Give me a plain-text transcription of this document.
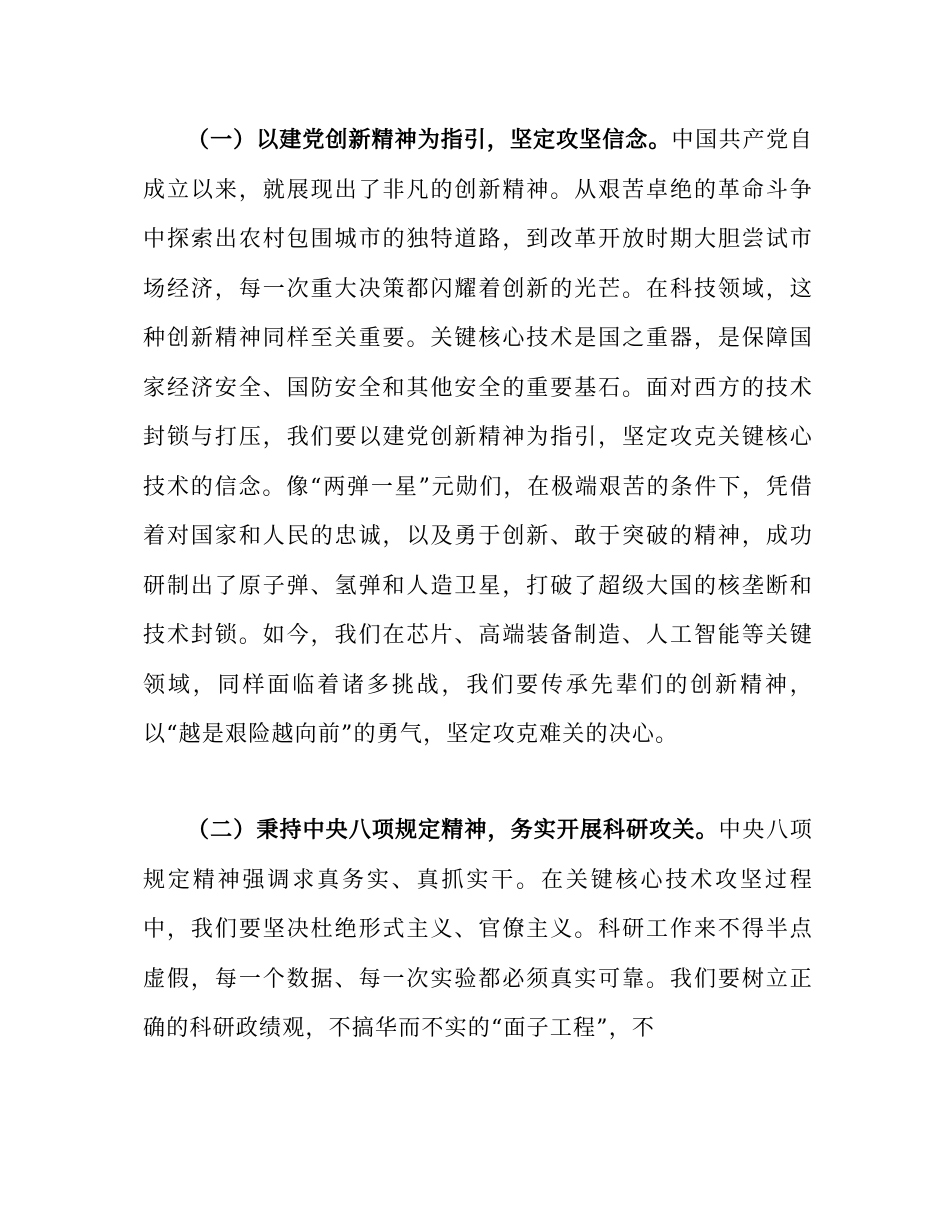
（一）以建党创新精神为指引，坚定攻坚信念。中国共产党自成立以来，就展现出了非凡的创新精神。从艰苦卓绝的革命斗争中探索出农村包围城市的独特道路，到改革开放时期大胆尝试市场经济，每一次重大决策都闪耀着创新的光芒。在科技领域，这种创新精神同样至关重要。关键核心技术是国之重器，是保障国家经济安全、国防安全和其他安全的重要基石。面对西方的技术封锁与打压，我们要以建党创新精神为指引，坚定攻克关键核心技术的信念。像“两弹一星”元勋们，在极端艰苦的条件下，凭借着对国家和人民的忠诚，以及勇于创新、敢于突破的精神，成功研制出了原子弹、氢弹和人造卫星，打破了超级大国的核垄断和技术封锁。如今，我们在芯片、高端装备制造、人工智能等关键领域，同样面临着诸多挑战，我们要传承先辈们的创新精神，以“越是艰险越向前”的勇气，坚定攻克难关的决心。

（二）秉持中央八项规定精神，务实开展科研攻关。中央八项规定精神强调求真务实、真抓实干。在关键核心技术攻坚过程中，我们要坚决杜绝形式主义、官僚主义。科研工作来不得半点虚假，每一个数据、每一次实验都必须真实可靠。我们要树立正确的科研政绩观，不搞华而不实的“面子工程”，不
